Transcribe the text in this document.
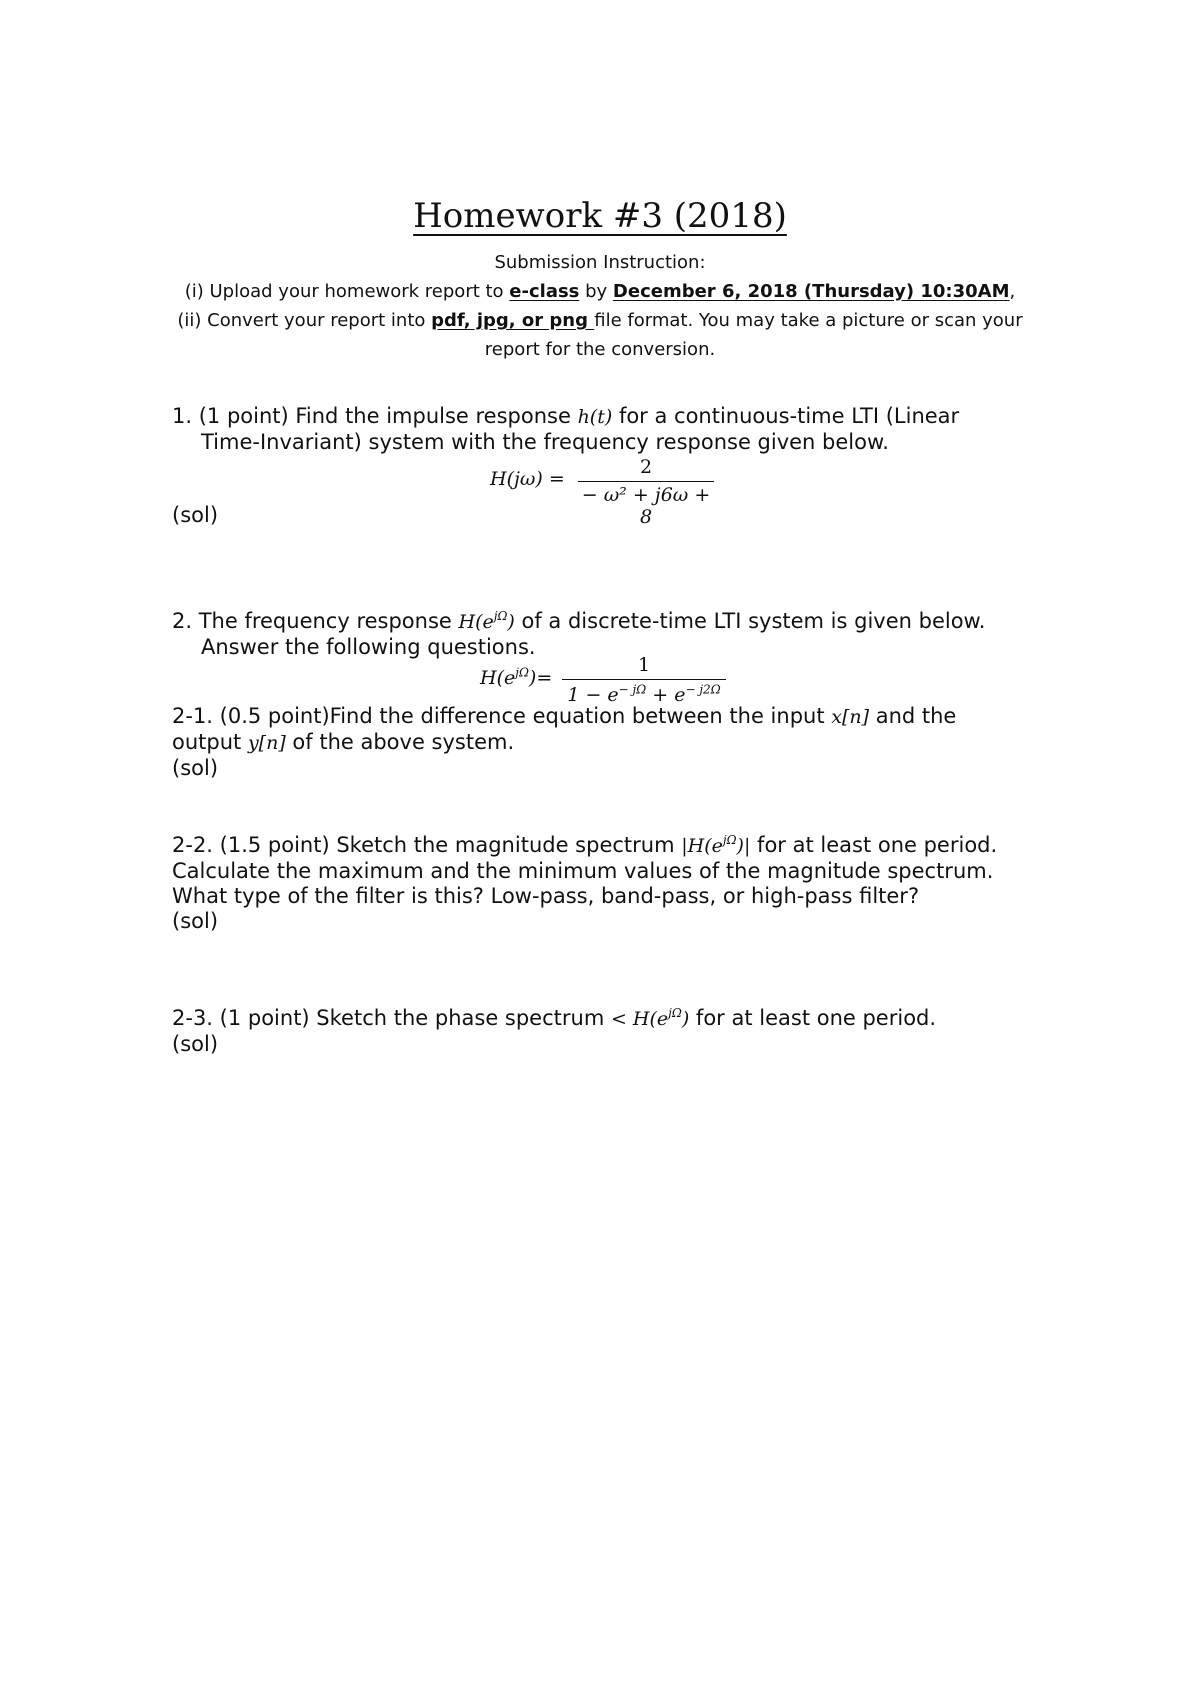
Homework #3 (2018)
Submission Instruction:
(i) Upload your homework report to e-class by December 6, 2018 (Thursday) 10:30AM,
(ii) Convert your report into pdf, jpg, or png file format. You may take a picture or scan your
report for the conversion.
1. (1 point) Find the impulse response h(t) for a continuous-time LTI (Linear
Time-Invariant) system with the frequency response given below.
H(jω) =
2
− ω² + j6ω + 8
(sol)
2. The frequency response $H(e^{j\Omega})$ of a discrete-time LTI system is given below.
Answer the following questions.
$H(e^{j\Omega})=$
1
$1 - e^{- j\Omega} + e^{- j2\Omega}$
2-1. (0.5 point)Find the difference equation between the input x[n] and the
output y[n] of the above system.
(sol)
2-2. (1.5 point) Sketch the magnitude spectrum $|H(e^{j\Omega})|$ for at least one period.
Calculate the maximum and the minimum values of the magnitude spectrum.
What type of the filter is this? Low-pass, band-pass, or high-pass filter?
(sol)
2-3. (1 point) Sketch the phase spectrum < $H(e^{j\Omega})$ for at least one period.
(sol)
